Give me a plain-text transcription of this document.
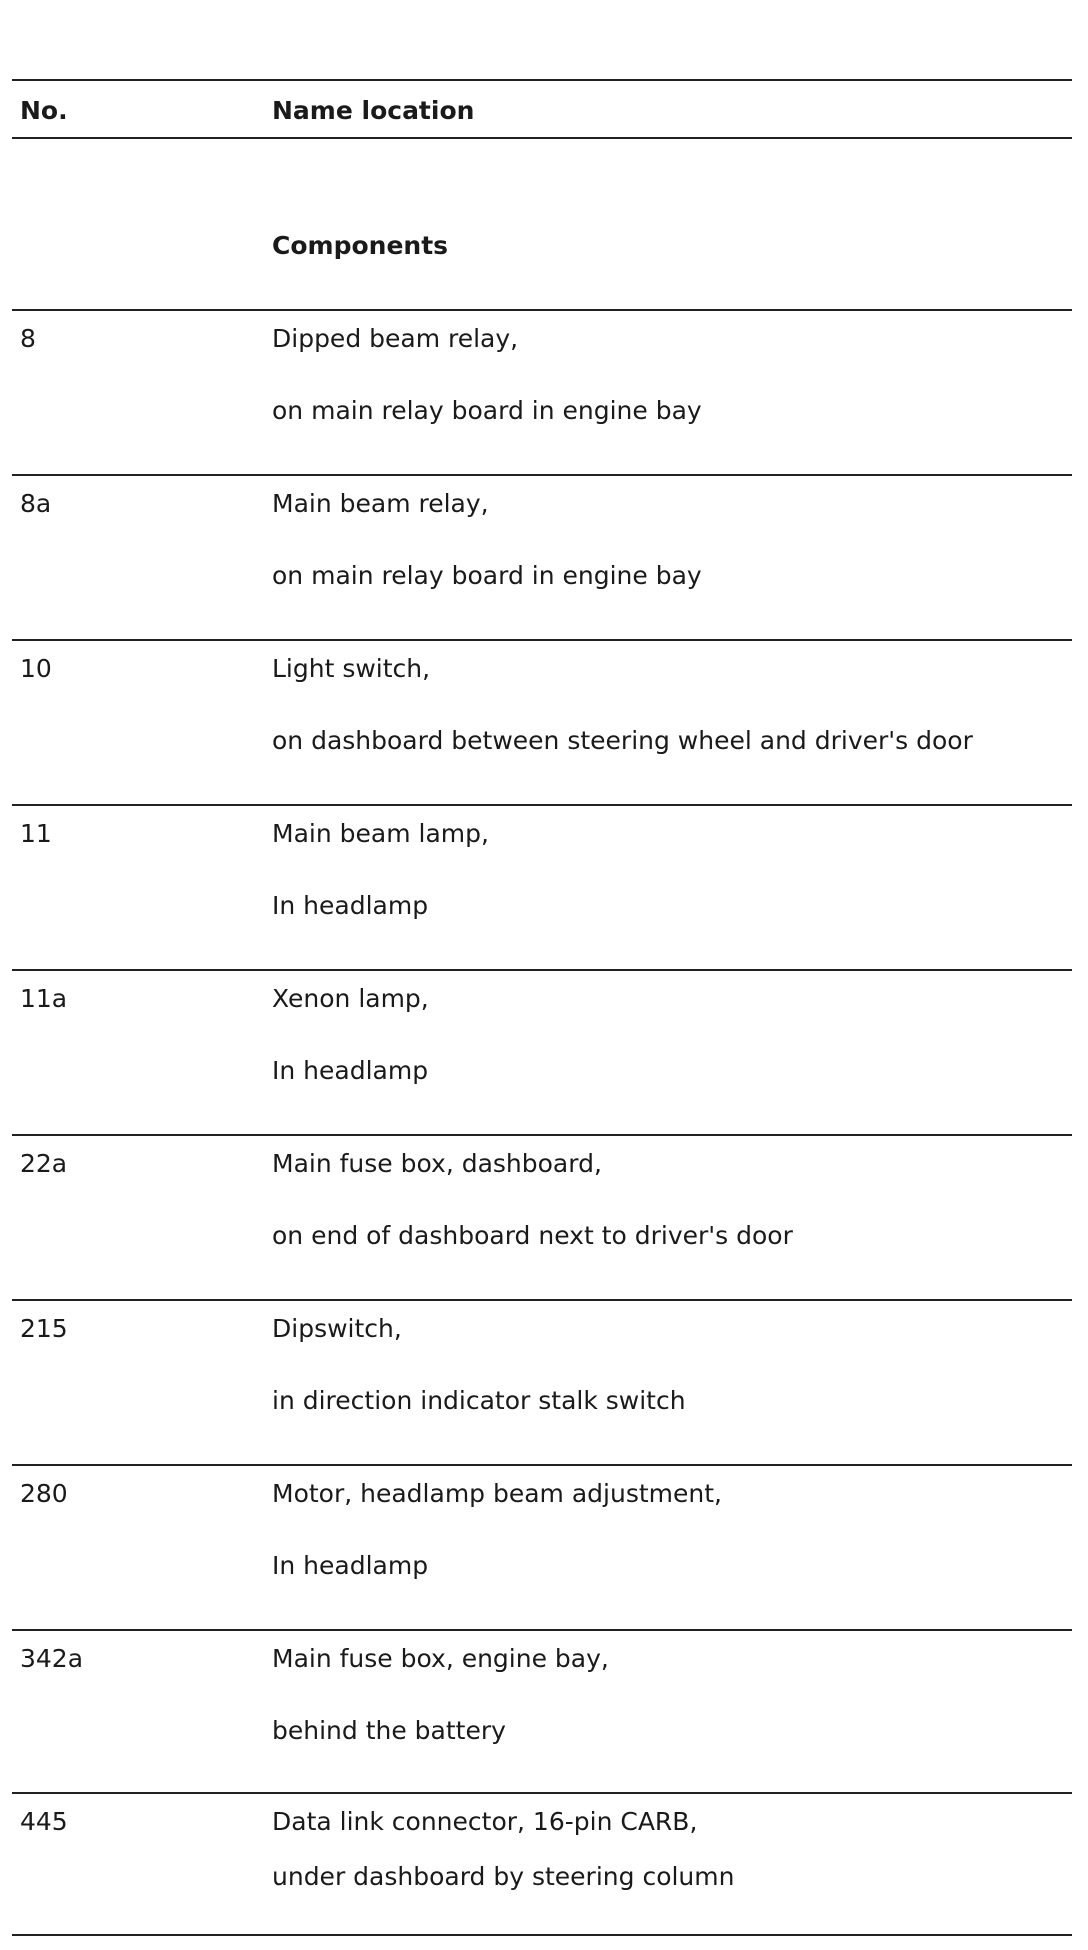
No.	Name location
Components
8	Dipped beam relay,
on main relay board in engine bay
8a	Main beam relay,
on main relay board in engine bay
10	Light switch,
on dashboard between steering wheel and driver's door
11	Main beam lamp,
In headlamp
11a	Xenon lamp,
In headlamp
22a	Main fuse box, dashboard,
on end of dashboard next to driver's door
215	Dipswitch,
in direction indicator stalk switch
280	Motor, headlamp beam adjustment,
In headlamp
342a	Main fuse box, engine bay,
behind the battery
445	Data link connector, 16-pin CARB,
under dashboard by steering column
